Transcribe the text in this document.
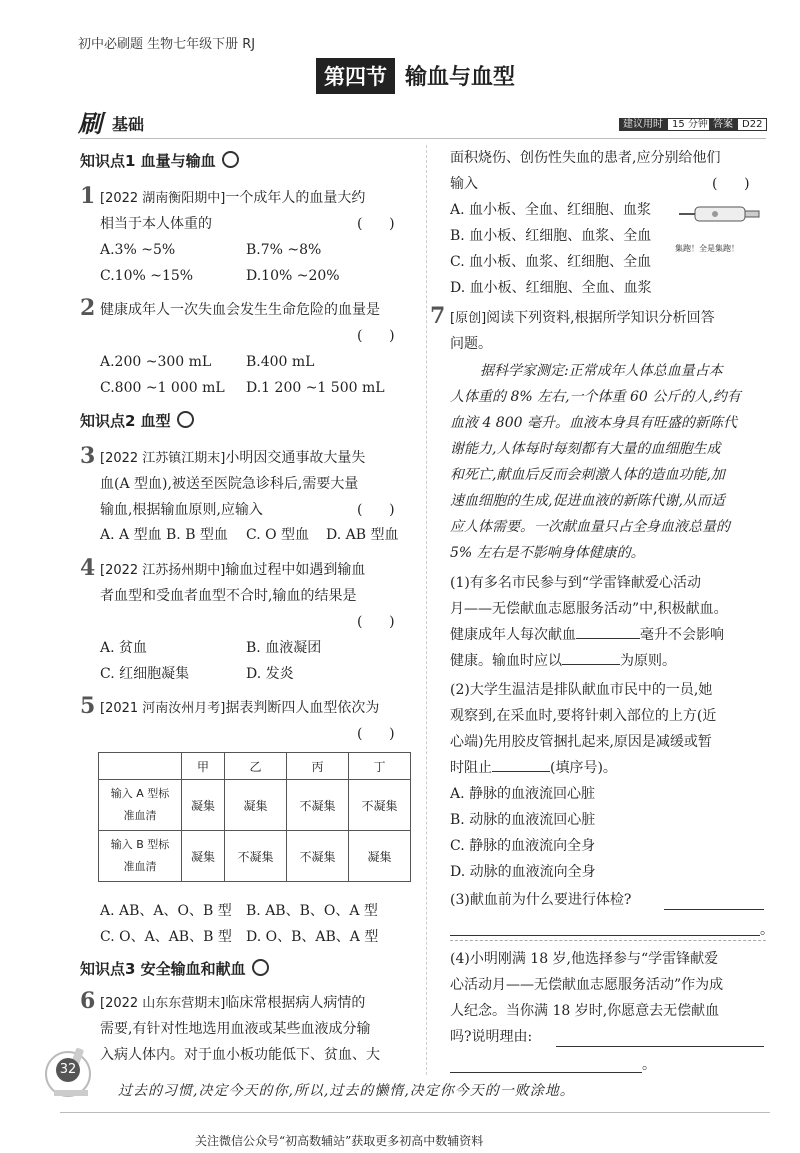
初中必刷题 生物七年级下册 RJ
第四节 输血与血型
刷 基础	建议用时 15 分钟 答案 D22
知识点1 血量与输血
1 [2022 湖南衡阳期中]一个成年人的血量大约
相当于本人体重的	(      )
A.3% ~5%	B.7% ~8%
C.10% ~15%	D.10% ~20%
2 健康成年人一次失血会发生生命危险的血量是
(      )
A.200 ~300 mL B.400 mL
C.800 ~1 000 mL D.1 200 ~1 500 mL
知识点2 血型
3 [2022 江苏镇江期末]小明因交通事故大量失
血(A 型血),被送至医院急诊科后,需要大量
输血,根据输血原则,应输入	(      )
A. A 型血 B. B 型血 C. O 型血 D. AB 型血
4 [2022 江苏扬州期中]输血过程中如遇到输血
者血型和受血者血型不合时,输血的结果是
(      )
A. 贫血	B. 血液凝团
C. 红细胞凝集	D. 发炎
5 [2021 河南汝州月考]据表判断四人血型依次为
(      )
	甲	乙	丙	丁
输入 A 型标
准血清	凝集	凝集	不凝集	不凝集
输入 B 型标
准血清	凝集	不凝集	不凝集	凝集
A. AB、A、O、B 型 B. AB、B、O、A 型
C. O、A、AB、B 型 D. O、B、AB、A 型
知识点3 安全输血和献血
6 [2022 山东东营期末]临床常根据病人病情的
需要,有针对性地选用血液或某些血液成分输
入病人体内。对于血小板功能低下、贫血、大
面积烧伤、创伤性失血的患者,应分别给他们
输入	(      )
A. 血小板、全血、红细胞、血浆
B. 血小板、红细胞、血浆、全血
C. 血小板、血浆、红细胞、全血
D. 血小板、红细胞、全血、血浆
集跑！全是集跑！
7 [原创]阅读下列资料,根据所学知识分析回答
问题。
据科学家测定:正常成年人体总血量占本
人体重的 8% 左右,一个体重 60 公斤的人,约有
血液 4 800 毫升。血液本身具有旺盛的新陈代
谢能力,人体每时每刻都有大量的血细胞生成
和死亡,献血后反而会刺激人体的造血功能,加
速血细胞的生成,促进血液的新陈代谢,从而适
应人体需要。一次献血量只占全身血液总量的
5% 左右是不影响身体健康的。
(1)有多名市民参与到“学雷锋献爱心活动
月——无偿献血志愿服务活动”中,积极献血。
健康成年人每次献血	毫升不会影响
健康。输血时应以	为原则。
(2)大学生温洁是排队献血市民中的一员,她
观察到,在采血时,要将针刺入部位的上方(近
心端)先用胶皮管捆扎起来,原因是减缓或暂
时阻止	(填序号)。
A. 静脉的血液流回心脏
B. 动脉的血液流回心脏
C. 静脉的血液流向全身
D. 动脉的血液流向全身
(3)献血前为什么要进行体检?
。
(4)小明刚满 18 岁,他选择参与“学雷锋献爱
心活动月——无偿献血志愿服务活动”作为成
人纪念。当你满 18 岁时,你愿意去无偿献血
吗?说明理由:
。
32
过去的习惯,决定今天的你,所以,过去的懒惰,决定你今天的一败涂地。
关注微信公众号“初高数辅站”获取更多初高中数辅资料
